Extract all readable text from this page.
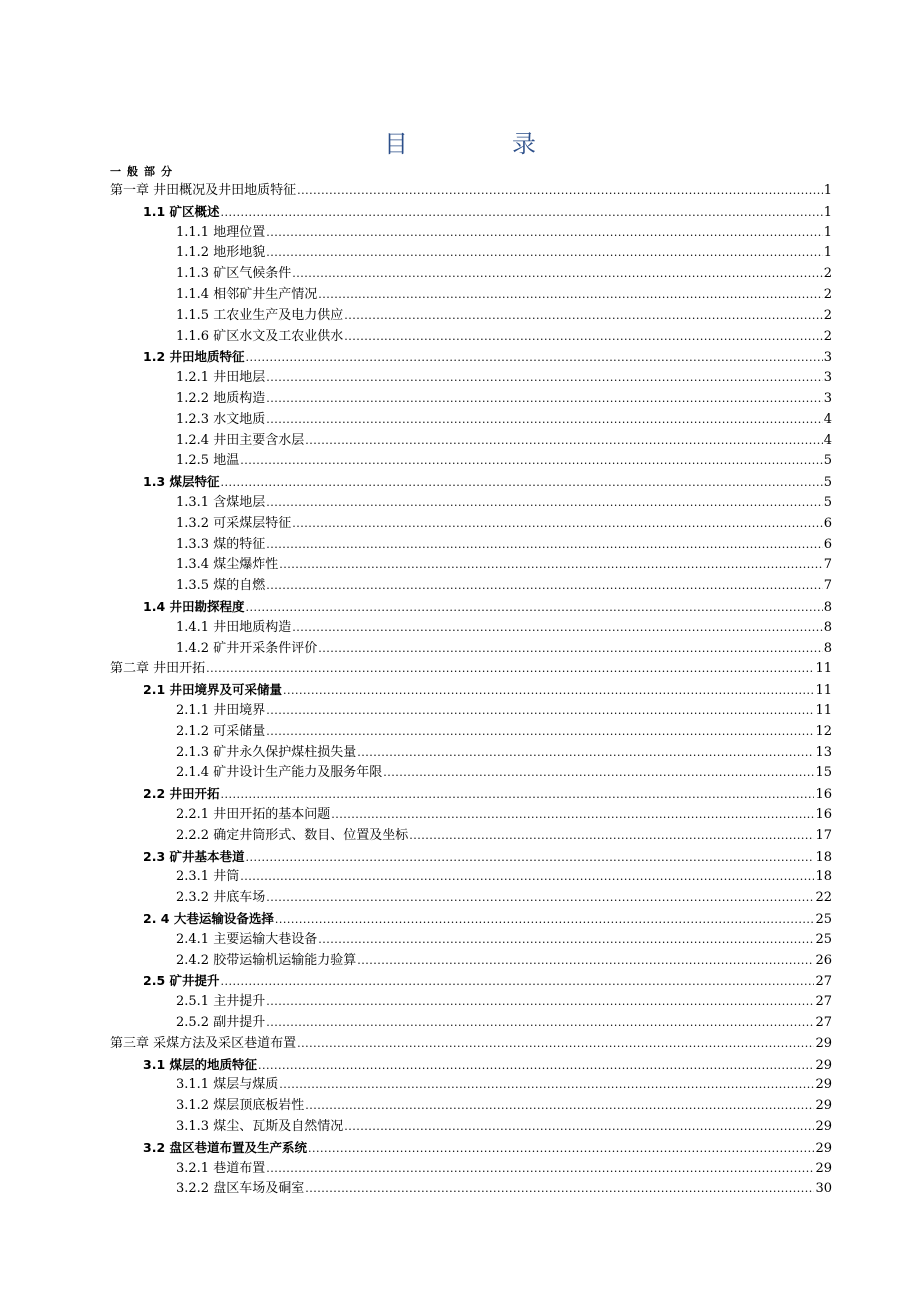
目　录
一般部分
第一章 井田概况及井田地质特征 .....	1
1.1 矿区概述 .....	1
1.1.1 地理位置 .....	1
1.1.2 地形地貌 .....	1
1.1.3 矿区气候条件 .....	2
1.1.4 相邻矿井生产情况 .....	2
1.1.5 工农业生产及电力供应 .....	2
1.1.6 矿区水文及工农业供水 .....	2
1.2 井田地质特征 .....	3
1.2.1 井田地层 .....	3
1.2.2 地质构造 .....	3
1.2.3 水文地质 .....	4
1.2.4 井田主要含水层 .....	4
1.2.5 地温 .....	5
1.3 煤层特征 .....	5
1.3.1 含煤地层 .....	5
1.3.2 可采煤层特征 .....	6
1.3.3 煤的特征 .....	6
1.3.4 煤尘爆炸性 .....	7
1.3.5 煤的自燃 .....	7
1.4 井田勘探程度 .....	8
1.4.1 井田地质构造 .....	8
1.4.2 矿井开采条件评价 .....	8
第二章 井田开拓 .....	11
2.1 井田境界及可采储量 .....	11
2.1.1 井田境界 .....	11
2.1.2 可采储量 .....	12
2.1.3 矿井永久保护煤柱损失量 .....	13
2.1.4 矿井设计生产能力及服务年限 .....	15
2.2 井田开拓 .....	16
2.2.1 井田开拓的基本问题 .....	16
2.2.2 确定井筒形式、数目、位置及坐标 .....	17
2.3 矿井基本巷道 .....	18
2.3.1 井筒 .....	18
2.3.2 井底车场 .....	22
2. 4 大巷运输设备选择 .....	25
2.4.1 主要运输大巷设备 .....	25
2.4.2 胶带运输机运输能力验算 .....	26
2.5 矿井提升 .....	27
2.5.1 主井提升 .....	27
2.5.2 副井提升 .....	27
第三章 采煤方法及采区巷道布置 .....	29
3.1 煤层的地质特征 .....	29
3.1.1 煤层与煤质 .....	29
3.1.2 煤层顶底板岩性 .....	29
3.1.3 煤尘、瓦斯及自然情况 .....	29
3.2 盘区巷道布置及生产系统 .....	29
3.2.1 巷道布置 .....	29
3.2.2 盘区车场及硐室 .....	30
